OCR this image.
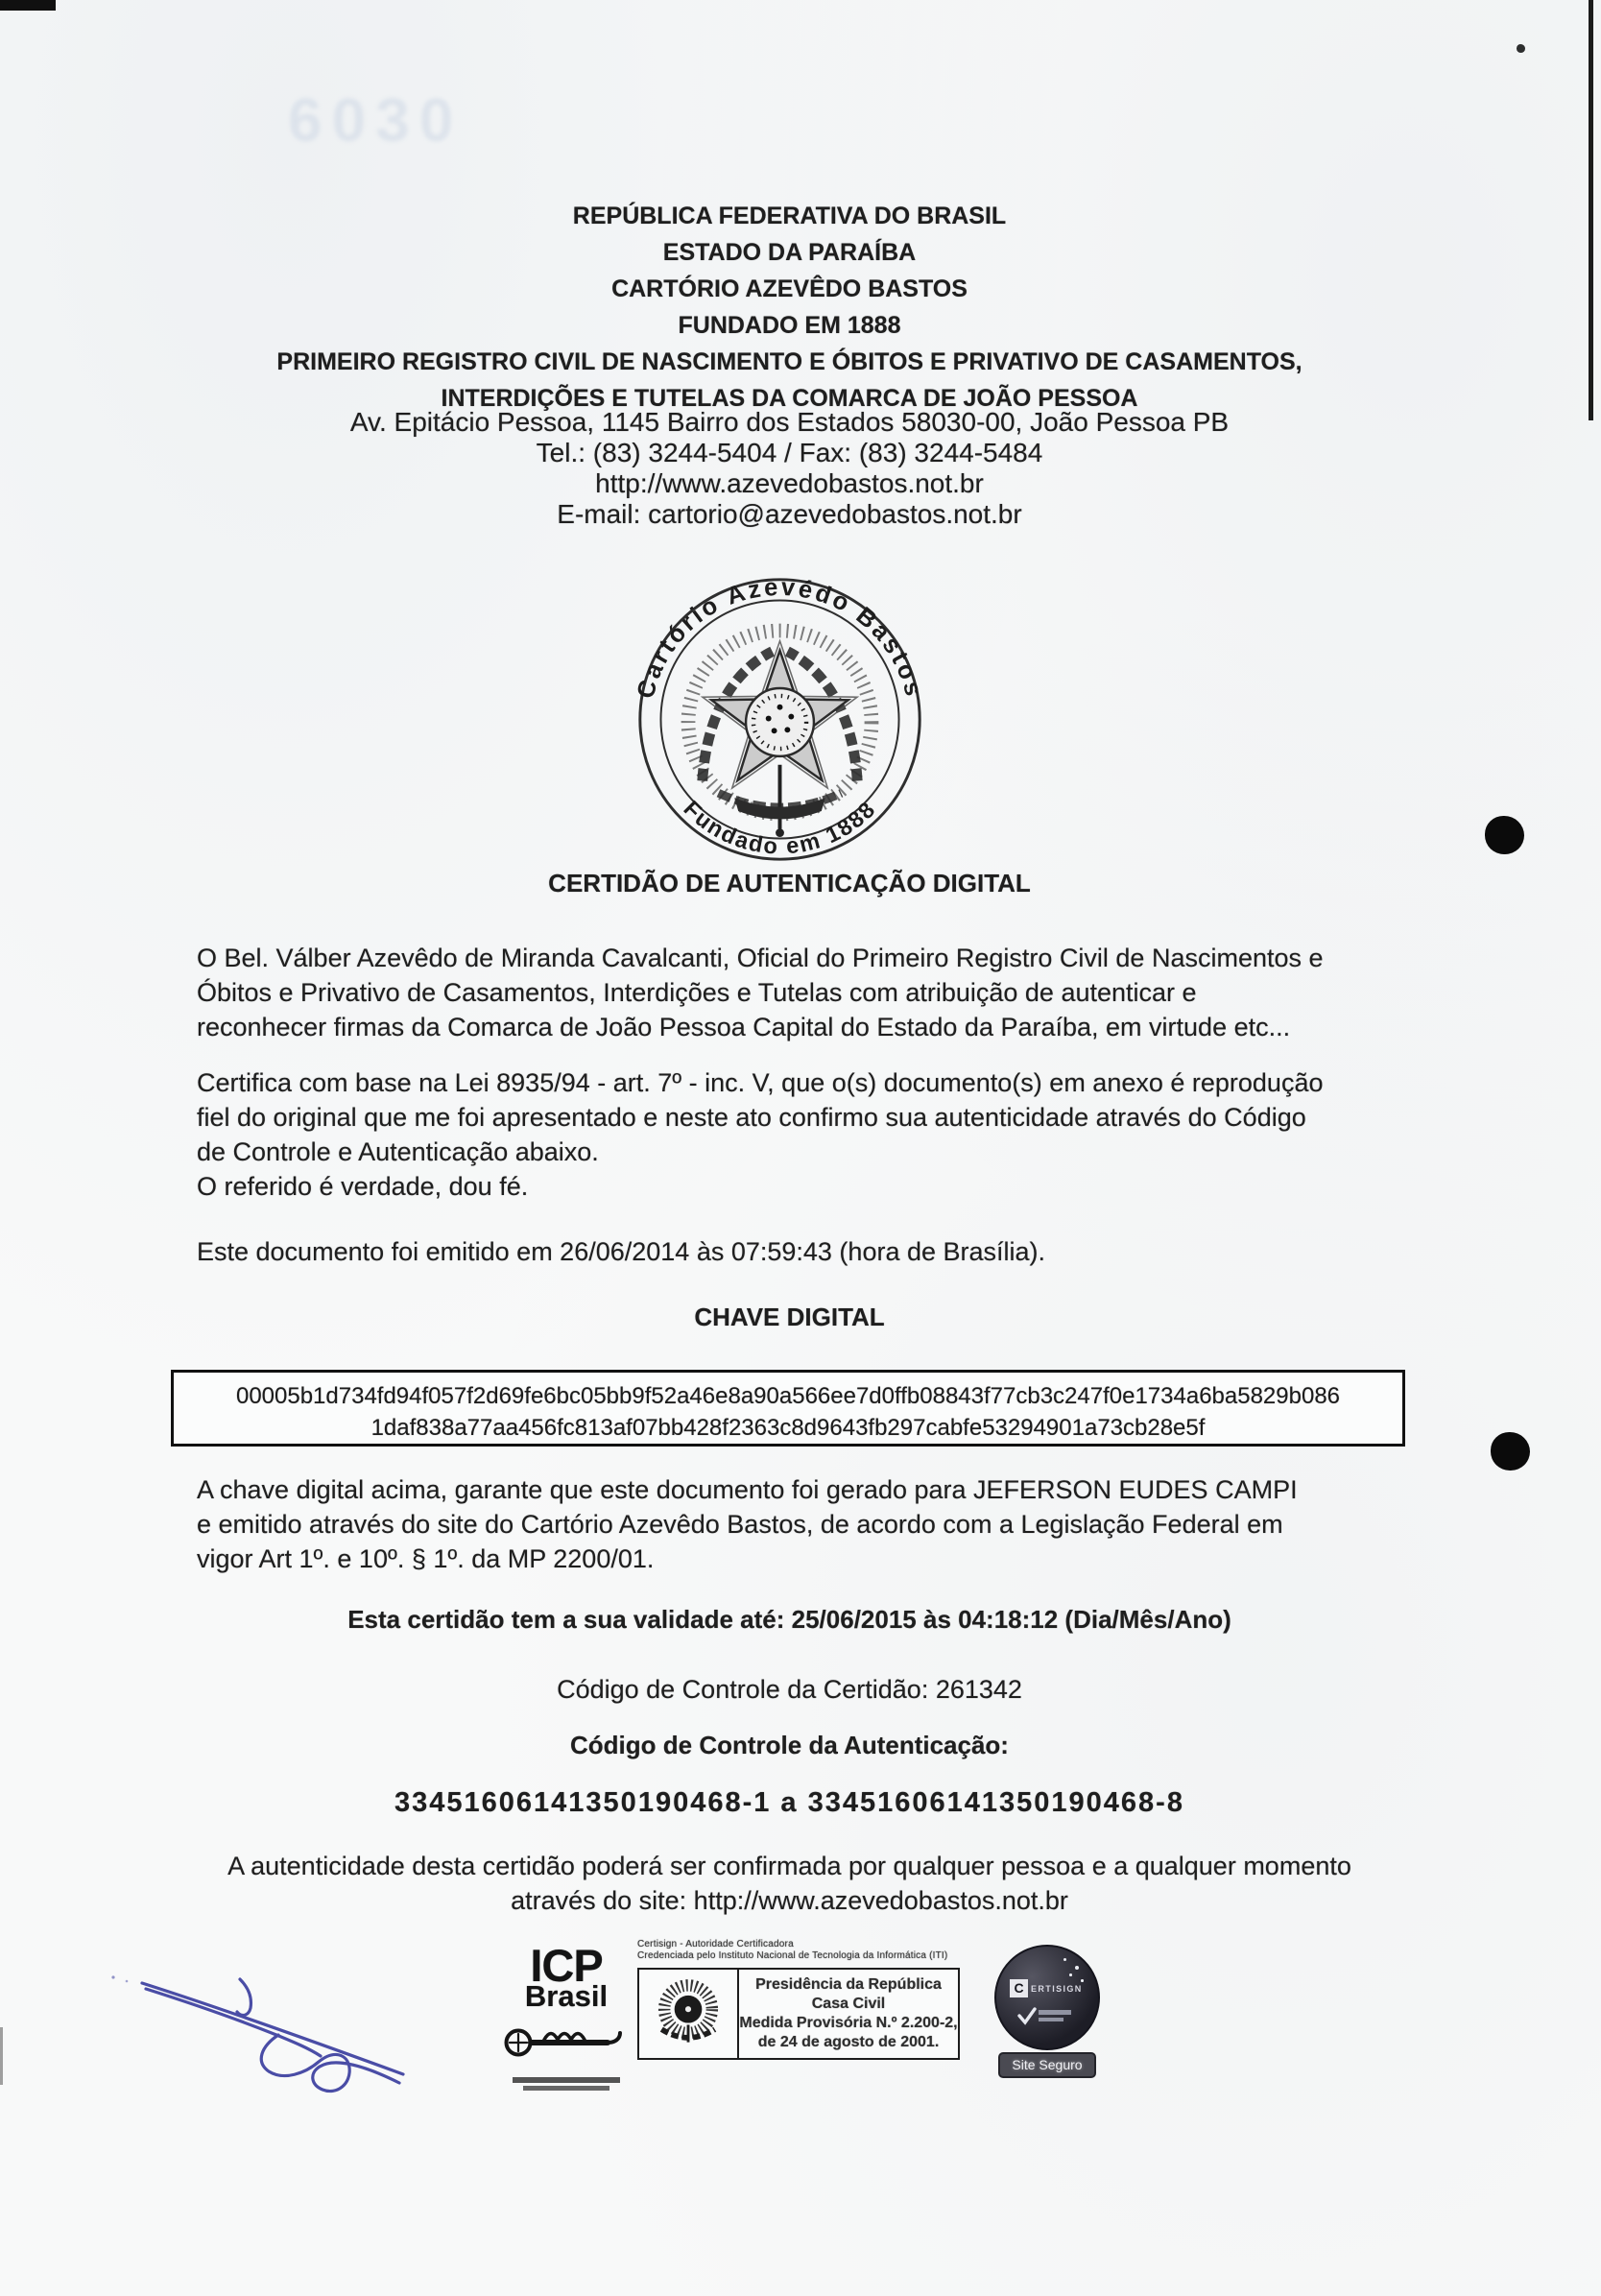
6030
REPÚBLICA FEDERATIVA DO BRASIL
ESTADO DA PARAÍBA
CARTÓRIO AZEVÊDO BASTOS
FUNDADO EM 1888
PRIMEIRO REGISTRO CIVIL DE NASCIMENTO E ÓBITOS E PRIVATIVO DE CASAMENTOS,
INTERDIÇÕES E TUTELAS DA COMARCA DE JOÃO PESSOA
Av. Epitácio Pessoa, 1145 Bairro dos Estados 58030-00, João Pessoa PB
Tel.: (83) 3244-5404 / Fax: (83) 3244-5484
http://www.azevedobastos.not.br
E-mail: cartorio@azevedobastos.not.br
Cartório Azevédo Bastos
Fundado em 1888
CERTIDÃO DE AUTENTICAÇÃO DIGITAL
O Bel. Válber Azevêdo de Miranda Cavalcanti, Oficial do Primeiro Registro Civil de Nascimentos e
Óbitos e Privativo de Casamentos, Interdições e Tutelas com atribuição de autenticar e
reconhecer firmas da Comarca de João Pessoa Capital do Estado da Paraíba, em virtude etc...
Certifica com base na Lei 8935/94 - art. 7º - inc. V, que o(s) documento(s) em anexo é reprodução
fiel do original que me foi apresentado e neste ato confirmo sua autenticidade através do Código
de Controle e Autenticação abaixo.
O referido é verdade, dou fé.
Este documento foi emitido em 26/06/2014 às 07:59:43 (hora de Brasília).
CHAVE DIGITAL
00005b1d734fd94f057f2d69fe6bc05bb9f52a46e8a90a566ee7d0ffb08843f77cb3c247f0e1734a6ba5829b086
1daf838a77aa456fc813af07bb428f2363c8d9643fb297cabfe53294901a73cb28e5f
A chave digital acima, garante que este documento foi gerado para JEFERSON EUDES CAMPI
e emitido através do site do Cartório Azevêdo Bastos, de acordo com a Legislação Federal em
vigor Art 1º. e 10º. § 1º. da MP 2200/01.
Esta certidão tem a sua validade até: 25/06/2015 às 04:18:12 (Dia/Mês/Ano)
Código de Controle da Certidão: 261342
Código de Controle da Autenticação:
33451606141350190468-1 a 33451606141350190468-8
A autenticidade desta certidão poderá ser confirmada por qualquer pessoa e a qualquer momento
através do site: http://www.azevedobastos.not.br
ICP
Brasil
Certisign - Autoridade Certificadora
Credenciada pelo Instituto Nacional de Tecnologia da Informática (ITI)
Presidência da República
Casa Civil
Medida Provisória N.º 2.200-2,
de 24 de agosto de 2001.
C ERTISIGN
Site Seguro
